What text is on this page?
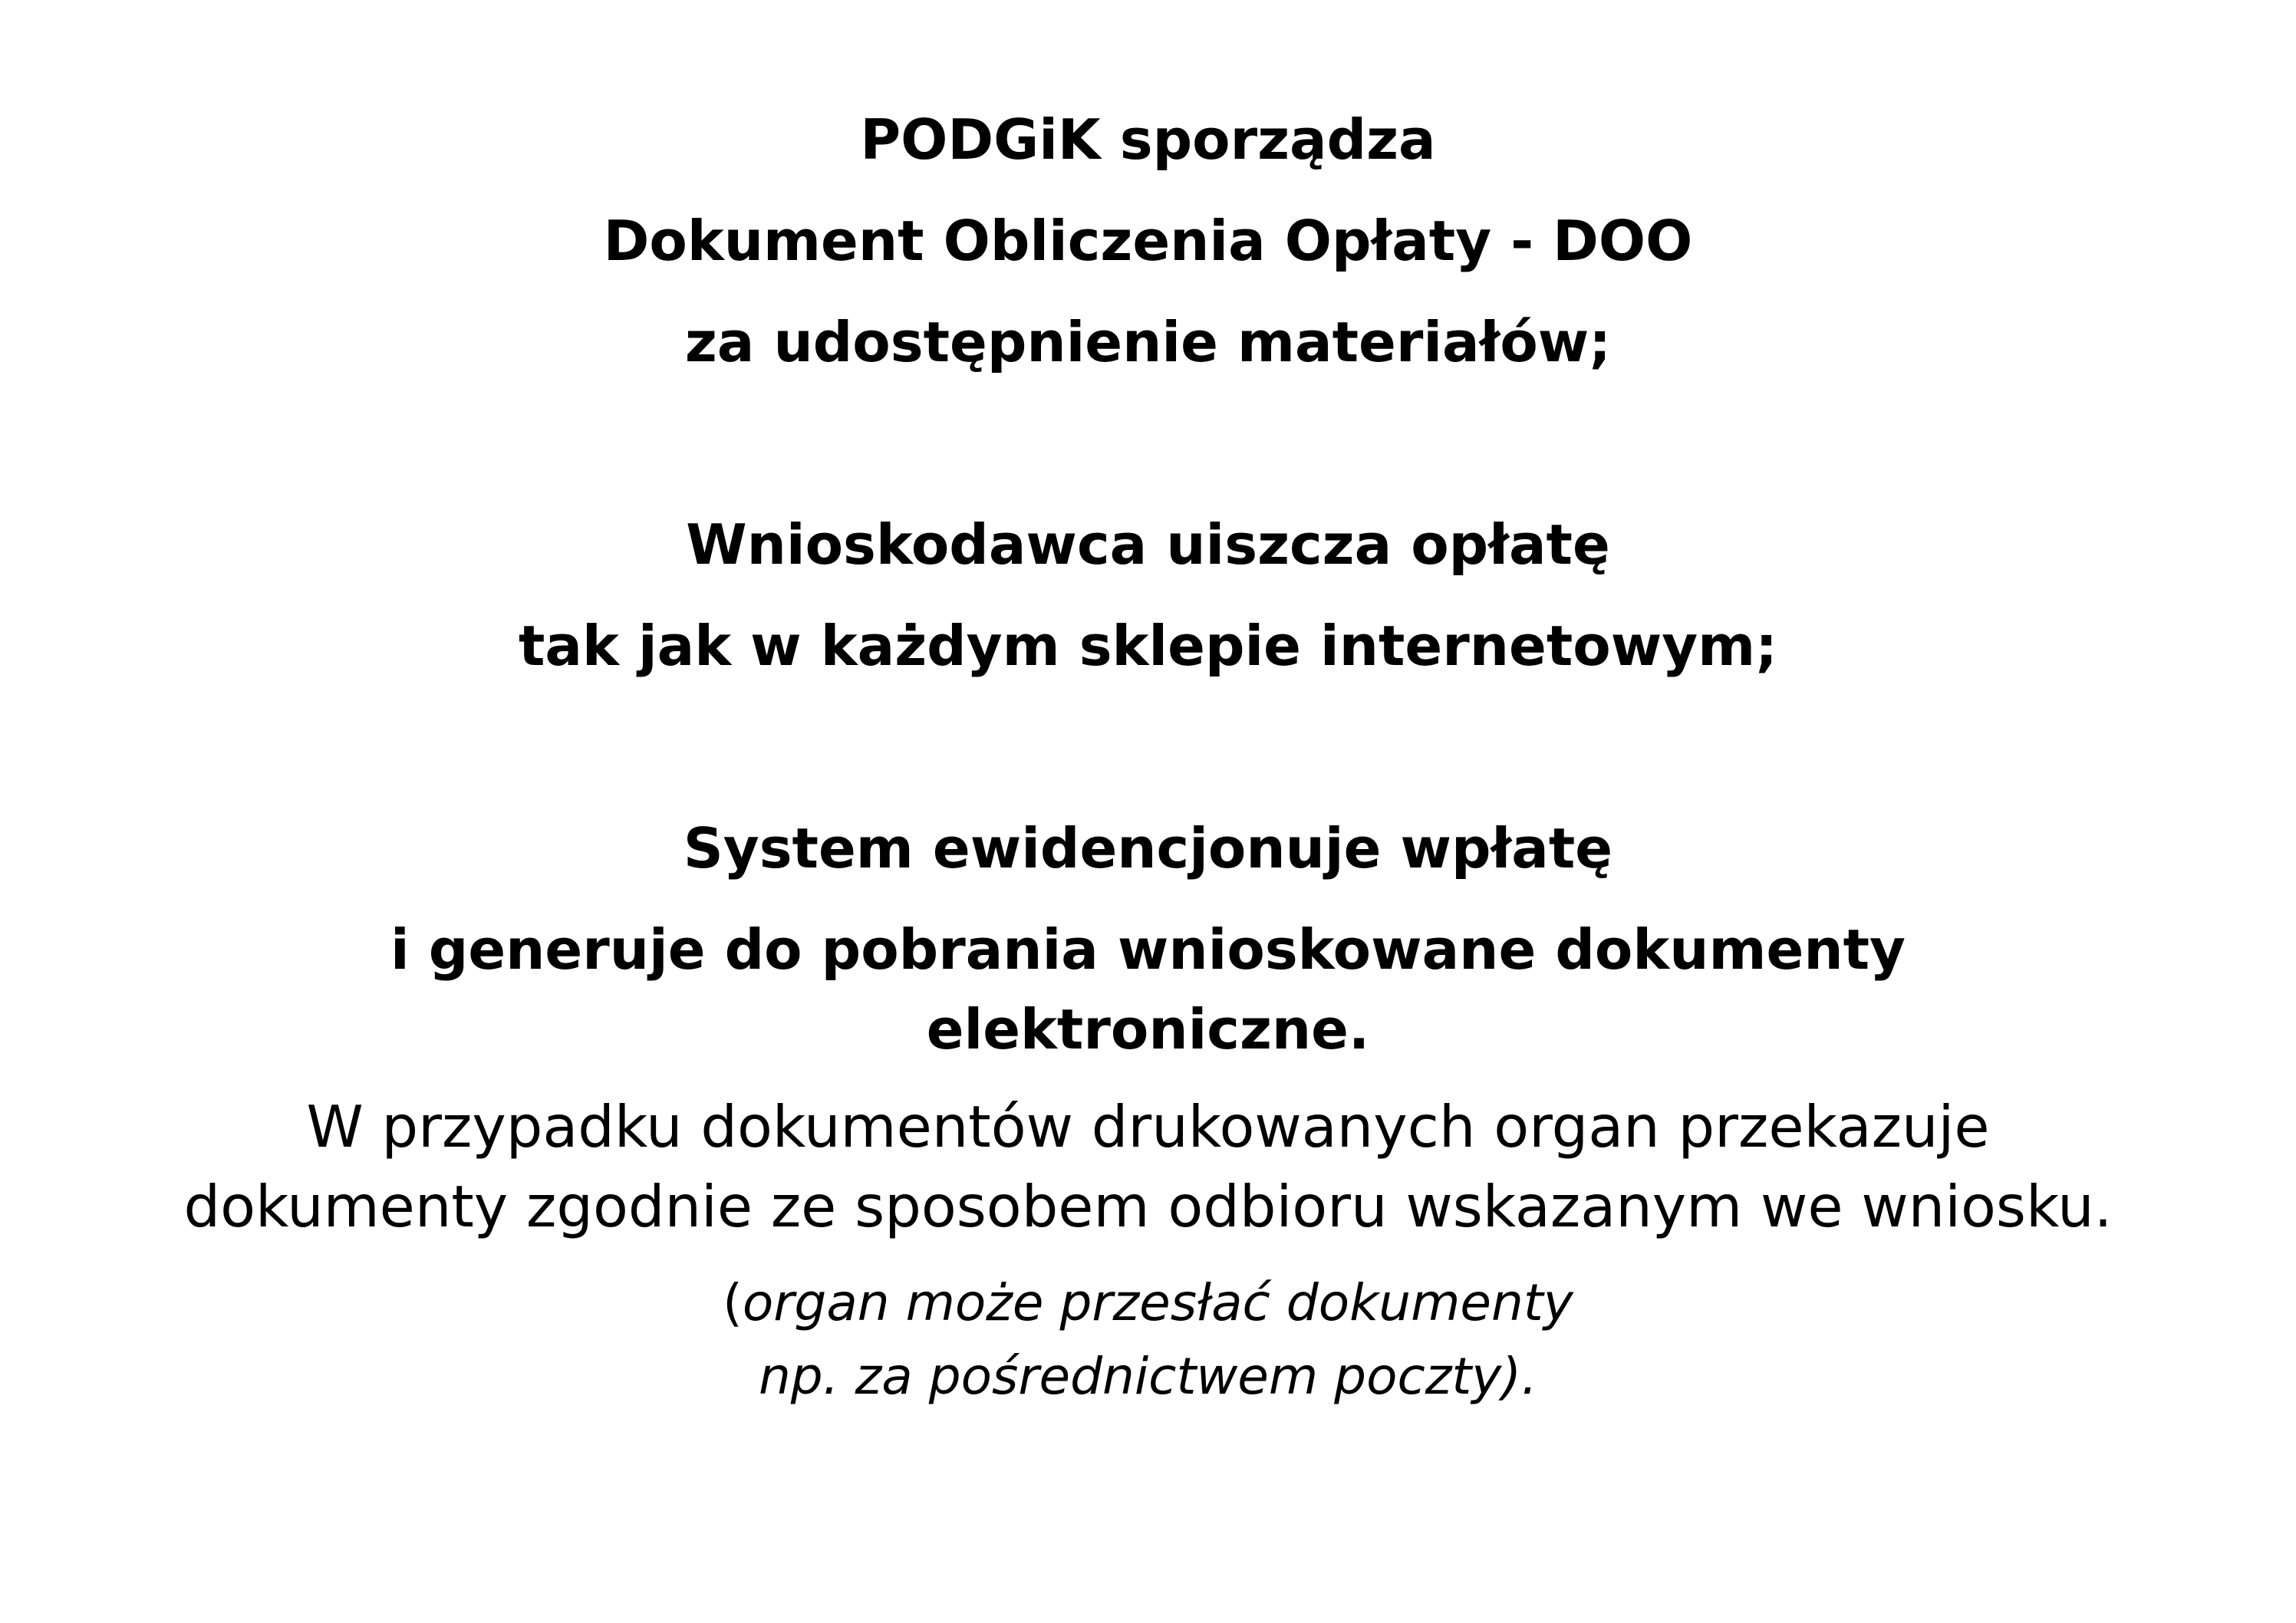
PODGiK sporządza
Dokument Obliczenia Opłaty - DOO
za udostępnienie materiałów;
Wnioskodawca uiszcza opłatę
tak jak w każdym sklepie internetowym;
System ewidencjonuje wpłatę
i generuje do pobrania wnioskowane dokumenty
elektroniczne.
W przypadku dokumentów drukowanych organ przekazuje
dokumenty zgodnie ze sposobem odbioru wskazanym we wniosku.
(organ może przesłać dokumenty
np. za pośrednictwem poczty).
